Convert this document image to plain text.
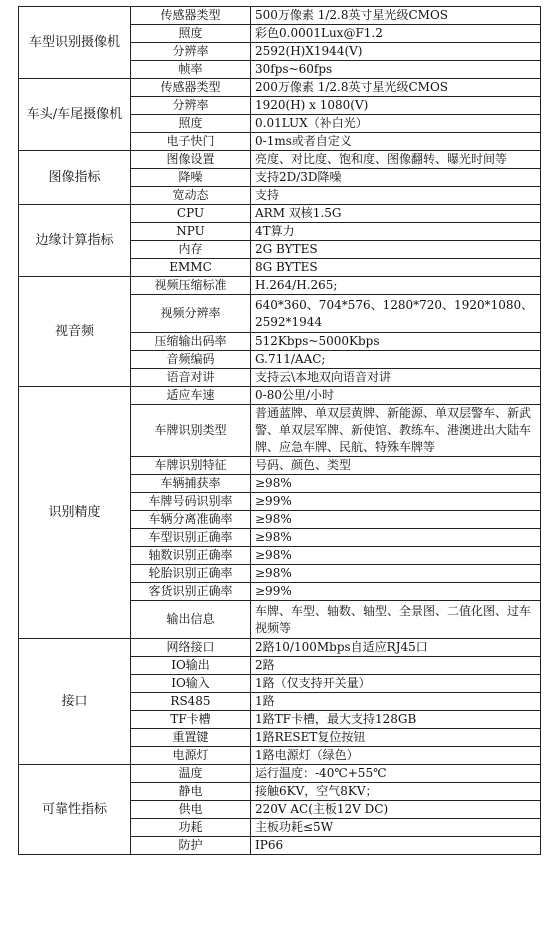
车型识别摄像机	传感器类型	500万像素 1/2.8英寸星光级CMOS
	照度	彩色0.0001Lux@F1.2
	分辨率	2592(H)X1944(V)
	帧率	30fps~60fps
车头/车尾摄像机	传感器类型	200万像素 1/2.8英寸星光级CMOS
	分辨率	1920(H) x 1080(V)
	照度	0.01LUX（补白光）
	电子快门	0-1ms或者自定义
图像指标	图像设置	亮度、对比度、饱和度、图像翻转、曝光时间等
	降噪	支持2D/3D降噪
	宽动态	支持
边缘计算指标	CPU	ARM 双核1.5G
	NPU	4T算力
	内存	2G BYTES
	EMMC	8G BYTES
视音频	视频压缩标准	H.264/H.265;
	视频分辨率	640*360、704*576、1280*720、1920*1080、2592*1944
	压缩输出码率	512Kbps~5000Kbps
	音频编码	G.711/AAC;
	语音对讲	支持云\本地双向语音对讲
识别精度	适应车速	0-80公里/小时
	车牌识别类型	普通蓝牌、单双层黄牌、新能源、单双层警车、新武警、单双层军牌、新使馆、教练车、港澳进出大陆车牌、应急车牌、民航、特殊车牌等
	车牌识别特征	号码、颜色、类型
	车辆捕获率	≥98%
	车牌号码识别率	≥99%
	车辆分离准确率	≥98%
	车型识别正确率	≥98%
	轴数识别正确率	≥98%
	轮胎识别正确率	≥98%
	客货识别正确率	≥99%
	输出信息	车牌、车型、轴数、轴型、全景图、二值化图、过车视频等
接口	网络接口	2路10/100Mbps自适应RJ45口
	IO输出	2路
	IO输入	1路（仅支持开关量）
	RS485	1路
	TF卡槽	1路TF卡槽，最大支持128GB
	重置键	1路RESET复位按钮
	电源灯	1路电源灯（绿色）
可靠性指标	温度	运行温度：-40℃+55℃
	静电	接触6KV，空气8KV；
	供电	220V AC(主板12V DC)
	功耗	主板功耗≤5W
	防护	IP66
